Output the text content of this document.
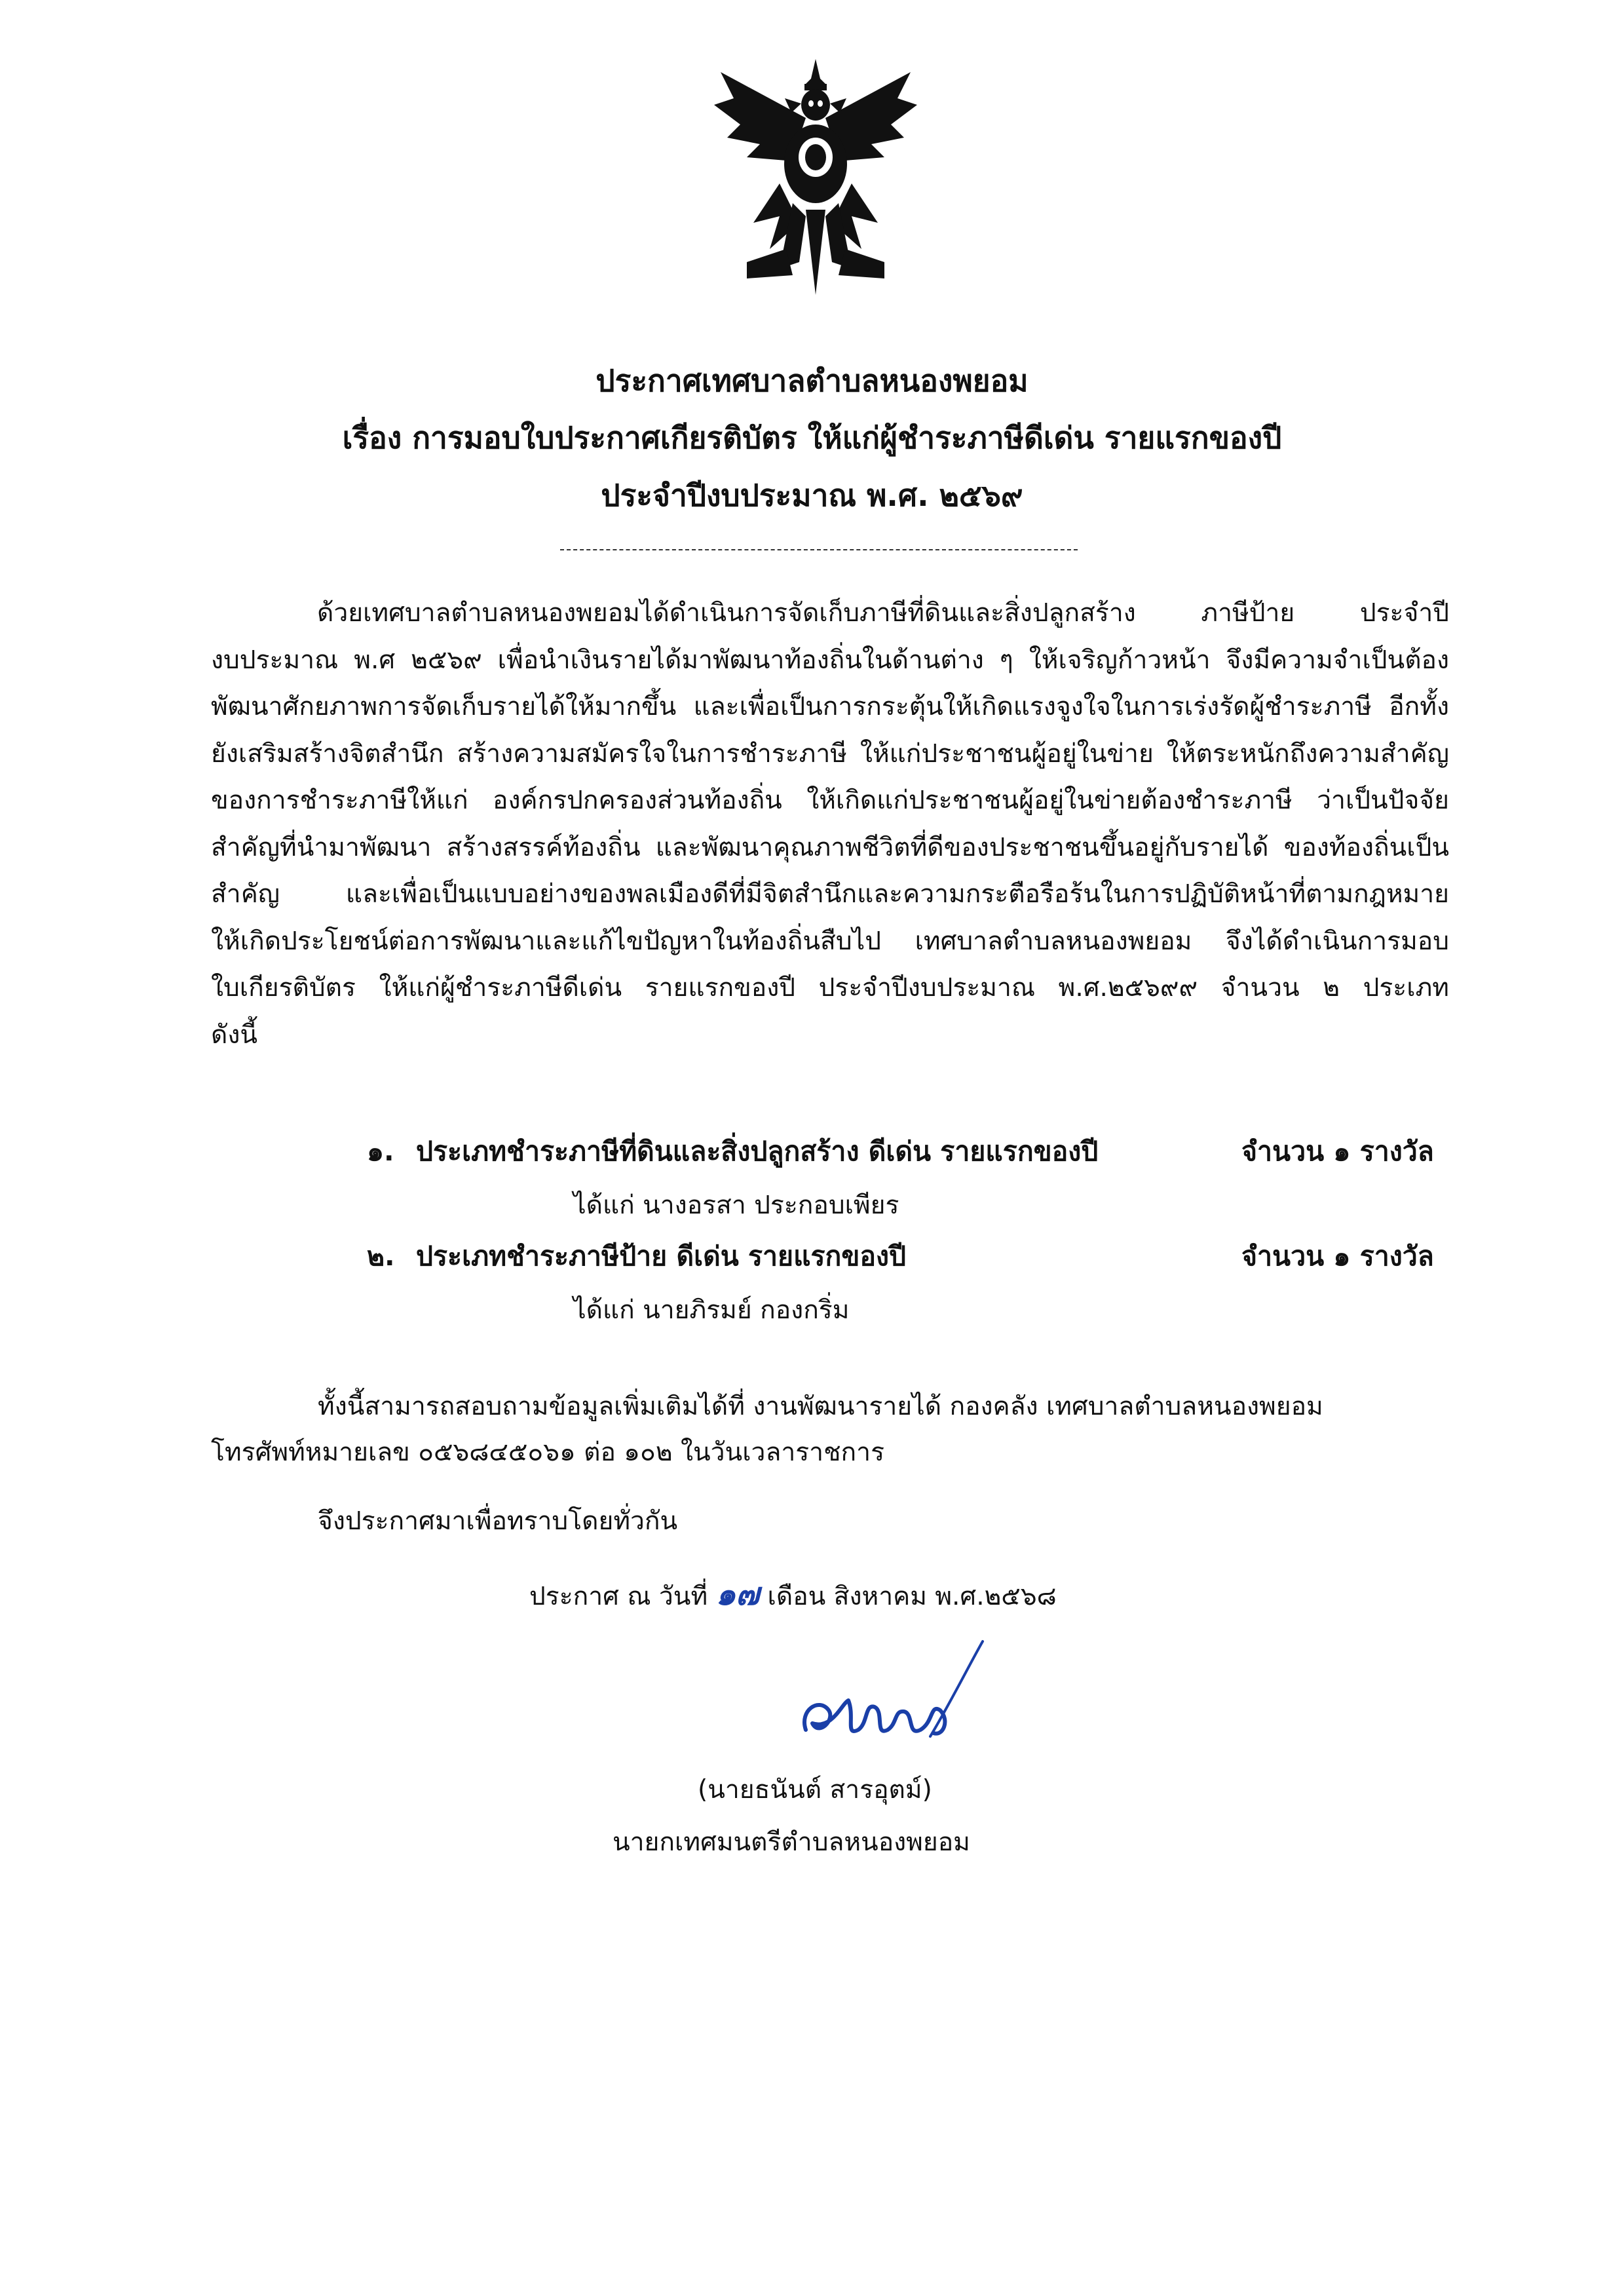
ประกาศเทศบาลตำบลหนองพยอม
เรื่อง การมอบใบประกาศเกียรติบัตร ให้แก่ผู้ชำระภาษีดีเด่น รายแรกของปี
ประจำปีงบประมาณ พ.ศ. ๒๕๖๙
ด้วยเทศบาลตำบลหนองพยอมได้ดำเนินการจัดเก็บภาษีที่ดินและสิ่งปลูกสร้าง ภาษีป้าย ประจำปี
งบประมาณ พ.ศ ๒๕๖๙ เพื่อนำเงินรายได้มาพัฒนาท้องถิ่นในด้านต่าง ๆ ให้เจริญก้าวหน้า จึงมีความจำเป็นต้อง
พัฒนาศักยภาพการจัดเก็บรายได้ให้มากขึ้น และเพื่อเป็นการกระตุ้นให้เกิดแรงจูงใจในการเร่งรัดผู้ชำระภาษี อีกทั้ง
ยังเสริมสร้างจิตสำนึก สร้างความสมัครใจในการชำระภาษี ให้แก่ประชาชนผู้อยู่ในข่าย ให้ตระหนักถึงความสำคัญ
ของการชำระภาษีให้แก่ องค์กรปกครองส่วนท้องถิ่น ให้เกิดแก่ประชาชนผู้อยู่ในข่ายต้องชำระภาษี ว่าเป็นปัจจัย
สำคัญที่นำมาพัฒนา สร้างสรรค์ท้องถิ่น และพัฒนาคุณภาพชีวิตที่ดีของประชาชนขึ้นอยู่กับรายได้ ของท้องถิ่นเป็น
สำคัญ และเพื่อเป็นแบบอย่างของพลเมืองดีที่มีจิตสำนึกและความกระตือรือร้นในการปฏิบัติหน้าที่ตามกฎหมาย
ให้เกิดประโยชน์ต่อการพัฒนาและแก้ไขปัญหาในท้องถิ่นสืบไป เทศบาลตำบลหนองพยอม จึงได้ดำเนินการมอบ
ใบเกียรติบัตร ให้แก่ผู้ชำระภาษีดีเด่น รายแรกของปี ประจำปีงบประมาณ พ.ศ.๒๕๖๙๙ จำนวน ๒ ประเภท
ดังนี้
๑. ประเภทชำระภาษีที่ดินและสิ่งปลูกสร้าง ดีเด่น รายแรกของปี	จำนวน ๑ รางวัล
ได้แก่ นางอรสา ประกอบเพียร
๒. ประเภทชำระภาษีป้าย ดีเด่น รายแรกของปี	จำนวน ๑ รางวัล
ได้แก่ นายภิรมย์ กองกริ่ม
ทั้งนี้สามารถสอบถามข้อมูลเพิ่มเติมได้ที่ งานพัฒนารายได้ กองคลัง เทศบาลตำบลหนองพยอม
โทรศัพท์หมายเลข ๐๕๖๘๔๕๐๖๑ ต่อ ๑๐๒ ในวันเวลาราชการ
จึงประกาศมาเพื่อทราบโดยทั่วกัน
ประกาศ ณ วันที่ ๑๗ เดือน สิงหาคม พ.ศ.๒๕๖๘
(นายธนันต์ สารอุตม์)
นายกเทศมนตรีตำบลหนองพยอม
